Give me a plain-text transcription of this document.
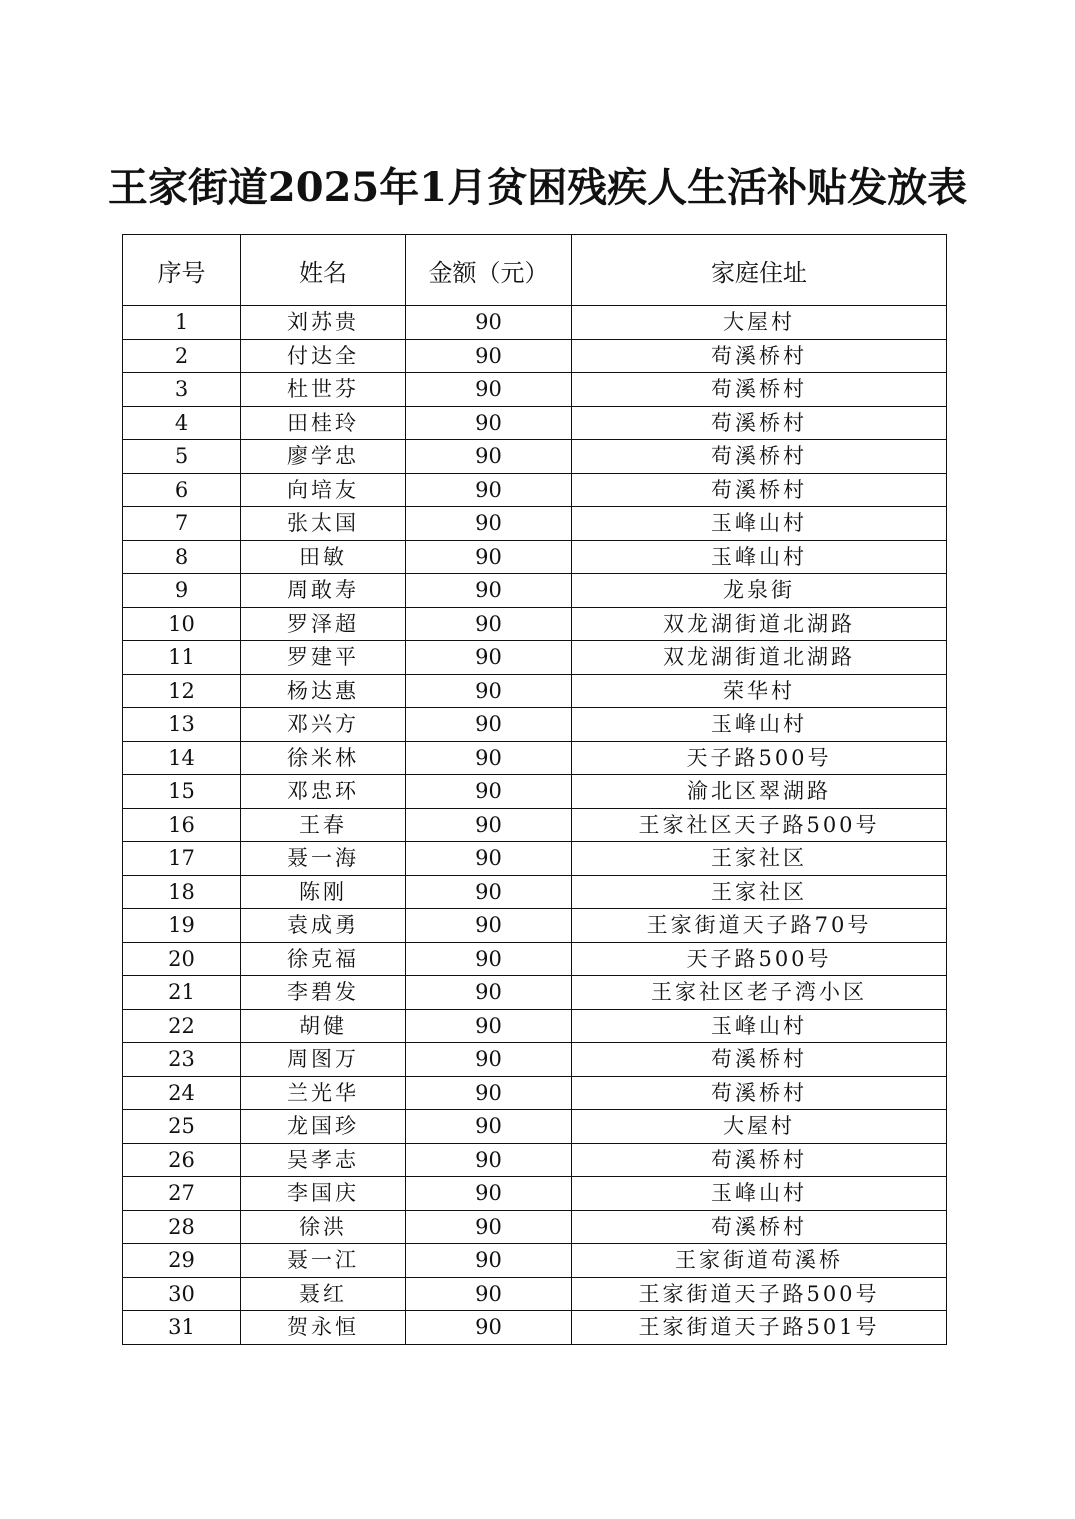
王家街道2025年1月贫困残疾人生活补贴发放表
序号	姓名	金额（元）	家庭住址
1	刘苏贵	90	大屋村
2	付达全	90	苟溪桥村
3	杜世芬	90	苟溪桥村
4	田桂玲	90	苟溪桥村
5	廖学忠	90	苟溪桥村
6	向培友	90	苟溪桥村
7	张太国	90	玉峰山村
8	田敏	90	玉峰山村
9	周敢寿	90	龙泉街
10	罗泽超	90	双龙湖街道北湖路
11	罗建平	90	双龙湖街道北湖路
12	杨达惠	90	荣华村
13	邓兴方	90	玉峰山村
14	徐米林	90	天子路500号
15	邓忠环	90	渝北区翠湖路
16	王春	90	王家社区天子路500号
17	聂一海	90	王家社区
18	陈刚	90	王家社区
19	袁成勇	90	王家街道天子路70号
20	徐克福	90	天子路500号
21	李碧发	90	王家社区老子湾小区
22	胡健	90	玉峰山村
23	周图万	90	苟溪桥村
24	兰光华	90	苟溪桥村
25	龙国珍	90	大屋村
26	吴孝志	90	苟溪桥村
27	李国庆	90	玉峰山村
28	徐洪	90	苟溪桥村
29	聂一江	90	王家街道苟溪桥
30	聂红	90	王家街道天子路500号
31	贺永恒	90	王家街道天子路501号
